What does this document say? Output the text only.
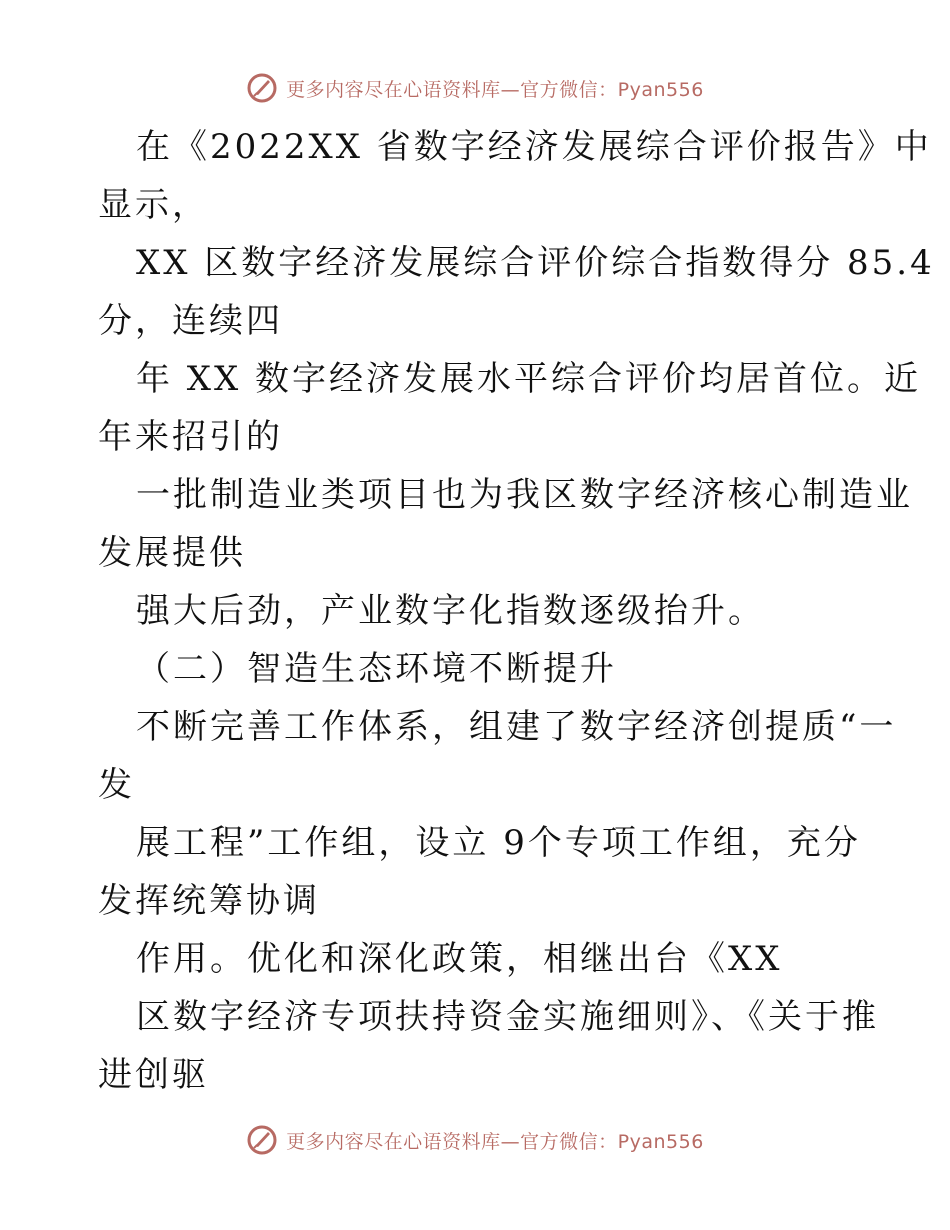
更多内容尽在心语资料库—官方微信：Pyan556
在《2022XX 省数字经济发展综合评价报告》中
显示，
XX 区数字经济发展综合评价综合指数得分 85.4
分，连续四
年 XX 数字经济发展水平综合评价均居首位。近
年来招引的
一批制造业类项目也为我区数字经济核心制造业
发展提供
强大后劲，产业数字化指数逐级抬升。
（二）智造生态环境不断提升
不断完善工作体系，组建了数字经济创提质“一
发
展工程”工作组，设立 9个专项工作组，充分
发挥统筹协调
作用。优化和深化政策，相继出台《XX
区数字经济专项扶持资金实施细则》、《关于推
进创驱
更多内容尽在心语资料库—官方微信：Pyan556
